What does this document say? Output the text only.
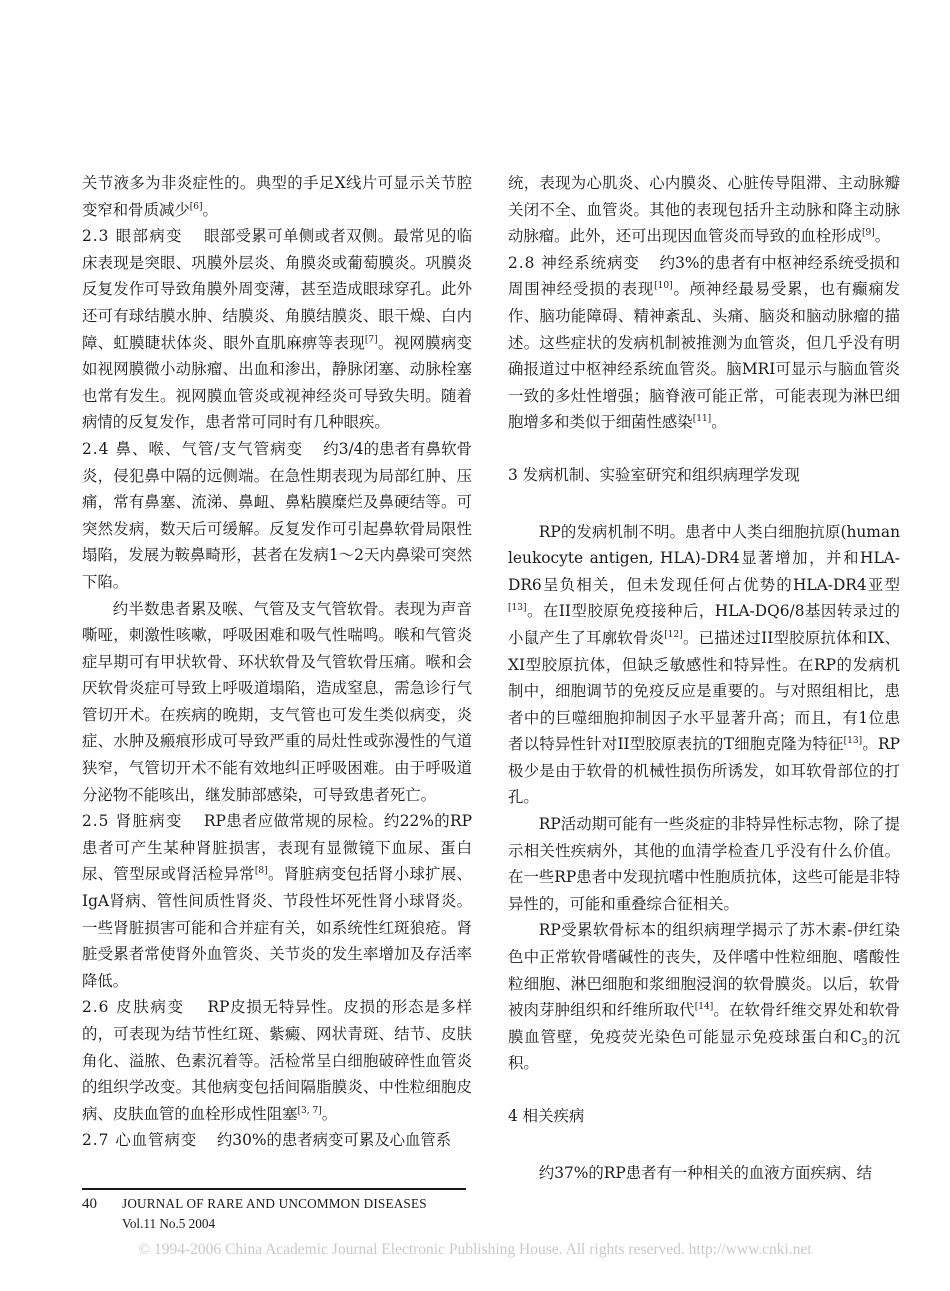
关节液多为非炎症性的。典型的手足X线片可显示关节腔变窄和骨质减少[6]。

2.3 眼部病变 眼部受累可单侧或者双侧。最常见的临床表现是突眼、巩膜外层炎、角膜炎或葡萄膜炎。巩膜炎反复发作可导致角膜外周变薄，甚至造成眼球穿孔。此外还可有球结膜水肿、结膜炎、角膜结膜炎、眼干燥、白内障、虹膜睫状体炎、眼外直肌麻痹等表现[7]。视网膜病变如视网膜微小动脉瘤、出血和渗出，静脉闭塞、动脉栓塞也常有发生。视网膜血管炎或视神经炎可导致失明。随着病情的反复发作，患者常可同时有几种眼疾。

2.4 鼻、喉、气管/支气管病变 约3/4的患者有鼻软骨炎，侵犯鼻中隔的远侧端。在急性期表现为局部红肿、压痛，常有鼻塞、流涕、鼻衄、鼻粘膜糜烂及鼻硬结等。可突然发病，数天后可缓解。反复发作可引起鼻软骨局限性塌陷，发展为鞍鼻畸形，甚者在发病1～2天内鼻梁可突然下陷。

约半数患者累及喉、气管及支气管软骨。表现为声音嘶哑，刺激性咳嗽，呼吸困难和吸气性喘鸣。喉和气管炎症早期可有甲状软骨、环状软骨及气管软骨压痛。喉和会厌软骨炎症可导致上呼吸道塌陷，造成窒息，需急诊行气管切开术。在疾病的晚期，支气管也可发生类似病变，炎症、水肿及瘢痕形成可导致严重的局灶性或弥漫性的气道狭窄，气管切开术不能有效地纠正呼吸困难。由于呼吸道分泌物不能咳出，继发肺部感染，可导致患者死亡。

2.5 肾脏病变 RP患者应做常规的尿检。约22%的RP患者可产生某种肾脏损害，表现有显微镜下血尿、蛋白尿、管型尿或肾活检异常[8]。肾脏病变包括肾小球扩展、IgA肾病、管性间质性肾炎、节段性坏死性肾小球肾炎。一些肾脏损害可能和合并症有关，如系统性红斑狼疮。肾脏受累者常使肾外血管炎、关节炎的发生率增加及存活率降低。

2.6 皮肤病变 RP皮损无特异性。皮损的形态是多样的，可表现为结节性红斑、紫癜、网状青斑、结节、皮肤角化、溢脓、色素沉着等。活检常呈白细胞破碎性血管炎的组织学改变。其他病变包括间隔脂膜炎、中性粒细胞皮病、皮肤血管的血栓形成性阻塞[3, 7]。

2.7 心血管病变 约30%的患者病变可累及心血管系

统，表现为心肌炎、心内膜炎、心脏传导阻滞、主动脉瓣关闭不全、血管炎。其他的表现包括升主动脉和降主动脉动脉瘤。此外，还可出现因血管炎而导致的血栓形成[9]。

2.8 神经系统病变 约3%的患者有中枢神经系统受损和周围神经受损的表现[10]。颅神经最易受累，也有癫痫发作、脑功能障碍、精神紊乱、头痛、脑炎和脑动脉瘤的描述。这些症状的发病机制被推测为血管炎，但几乎没有明确报道过中枢神经系统血管炎。脑MRI可显示与脑血管炎一致的多灶性增强；脑脊液可能正常，可能表现为淋巴细胞增多和类似于细菌性感染[11]。

3 发病机制、实验室研究和组织病理学发现

RP的发病机制不明。患者中人类白细胞抗原(human leukocyte antigen, HLA)-DR4显著增加，并和HLA-DR6呈负相关，但未发现任何占优势的HLA-DR4亚型[13]。在II型胶原免疫接种后，HLA-DQ6/8基因转录过的小鼠产生了耳廓软骨炎[12]。已描述过II型胶原抗体和IX、XI型胶原抗体，但缺乏敏感性和特异性。在RP的发病机制中，细胞调节的免疫反应是重要的。与对照组相比，患者中的巨噬细胞抑制因子水平显著升高；而且，有1位患者以特异性针对II型胶原表抗的T细胞克隆为特征[13]。RP极少是由于软骨的机械性损伤所诱发，如耳软骨部位的打孔。

RP活动期可能有一些炎症的非特异性标志物，除了提示相关性疾病外，其他的血清学检查几乎没有什么价值。在一些RP患者中发现抗嗜中性胞质抗体，这些可能是非特异性的，可能和重叠综合征相关。

RP受累软骨标本的组织病理学揭示了苏木素-伊红染色中正常软骨嗜碱性的丧失，及伴嗜中性粒细胞、嗜酸性粒细胞、淋巴细胞和浆细胞浸润的软骨膜炎。以后，软骨被肉芽肿组织和纤维所取代[14]。在软骨纤维交界处和软骨膜血管壁，免疫荧光染色可能显示免疫球蛋白和$C_3$的沉积。

4 相关疾病

约37%的RP患者有一种相关的血液方面疾病、结

40 JOURNAL OF RARE AND UNCOMMON DISEASES
Vol.11 No.5 2004
© 1994-2006 China Academic Journal Electronic Publishing House. All rights reserved. http://www.cnki.net
